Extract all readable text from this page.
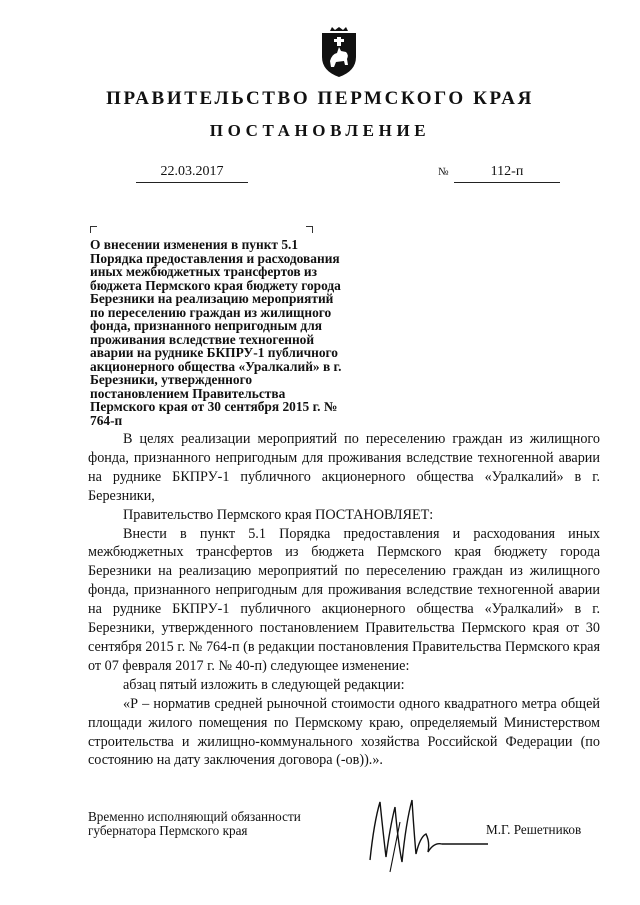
ПРАВИТЕЛЬСТВО ПЕРМСКОГО КРАЯ
ПОСТАНОВЛЕНИЕ
22.03.2017	№	112-п
О внесении изменения в пункт 5.1 Порядка предоставления и расходования иных межбюджетных трансфертов из бюджета Пермского края бюджету города Березники на реализацию мероприятий по переселению граждан из жилищного фонда, признанного непригодным для проживания вследствие техногенной аварии на руднике БКПРУ-1 публичного акционерного общества «Уралкалий» в г. Березники, утвержденного постановлением Правительства Пермского края от 30 сентября 2015 г. № 764-п

В целях реализации мероприятий по переселению граждан из жилищного фонда, признанного непригодным для проживания вследствие техногенной аварии на руднике БКПРУ-1 публичного акционерного общества «Уралкалий» в г. Березники,

Правительство Пермского края ПОСТАНОВЛЯЕТ:

Внести в пункт 5.1 Порядка предоставления и расходования иных межбюджетных трансфертов из бюджета Пермского края бюджету города Березники на реализацию мероприятий по переселению граждан из жилищного фонда, признанного непригодным для проживания вследствие техногенной аварии на руднике БКПРУ-1 публичного акционерного общества «Уралкалий» в г. Березники, утвержденного постановлением Правительства Пермского края от 30 сентября 2015 г. № 764-п (в редакции постановления Правительства Пермского края от 07 февраля 2017 г. № 40-п) следующее изменение:

абзац пятый изложить в следующей редакции:

«Р – норматив средней рыночной стоимости одного квадратного метра общей площади жилого помещения по Пермскому краю, определяемый Министерством строительства и жилищно-коммунального хозяйства Российской Федерации (по состоянию на дату заключения договора (-ов)).».

Временно исполняющий обязанности губернатора Пермского края	М.Г. Решетников
